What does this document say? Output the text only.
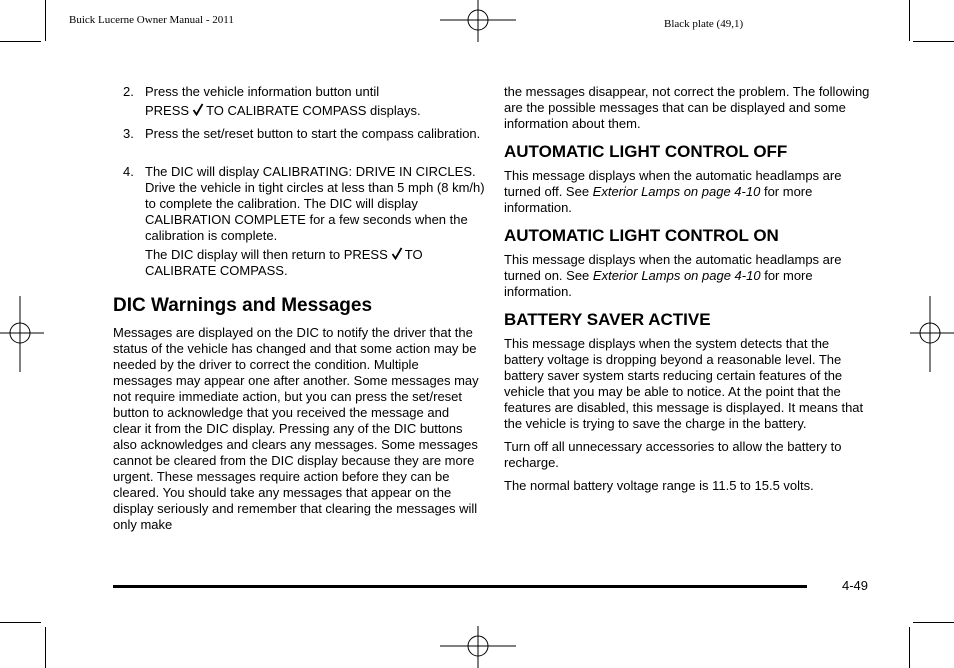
Buick Lucerne Owner Manual - 2011	Black plate (49,1)
2. Press the vehicle information button until

PRESS TO CALIBRATE COMPASS displays.

3. Press the set/reset button to start the compass calibration.
4. The DIC will display CALIBRATING: DRIVE IN CIRCLES. Drive the vehicle in tight circles at less than 5 mph (8 km/h) to complete the calibration. The DIC will display CALIBRATION COMPLETE for a few seconds when the calibration is complete.

The DIC display will then return to PRESS TO CALIBRATE COMPASS.

DIC Warnings and Messages

Messages are displayed on the DIC to notify the driver that the status of the vehicle has changed and that some action may be needed by the driver to correct the condition. Multiple messages may appear one after another. Some messages may not require immediate action, but you can press the set/reset button to acknowledge that you received the message and clear it from the DIC display. Pressing any of the DIC buttons also acknowledges and clears any messages. Some messages cannot be cleared from the DIC display because they are more urgent. These messages require action before they can be cleared. You should take any messages that appear on the display seriously and remember that clearing the messages will only make

the messages disappear, not correct the problem. The following are the possible messages that can be displayed and some information about them.

AUTOMATIC LIGHT CONTROL OFF

This message displays when the automatic headlamps are turned off. See Exterior Lamps on page 4-10 for more information.

AUTOMATIC LIGHT CONTROL ON

This message displays when the automatic headlamps are turned on. See Exterior Lamps on page 4-10 for more information.

BATTERY SAVER ACTIVE

This message displays when the system detects that the battery voltage is dropping beyond a reasonable level. The battery saver system starts reducing certain features of the vehicle that you may be able to notice. At the point that the features are disabled, this message is displayed. It means that the vehicle is trying to save the charge in the battery.

Turn off all unnecessary accessories to allow the battery to recharge.

The normal battery voltage range is 11.5 to 15.5 volts.

4-49
